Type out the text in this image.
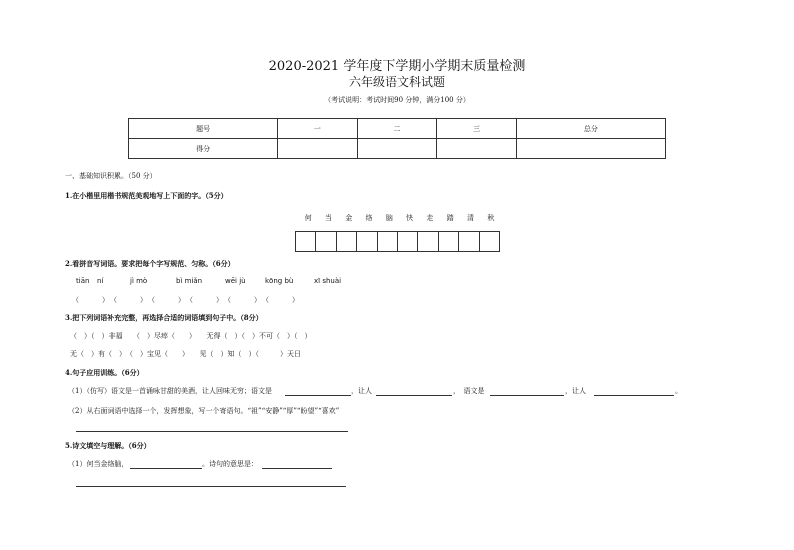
2020-2021 学年度下学期小学期末质量检测
六年级语文科试题
（考试说明：考试时间90 分钟，满分100 分）
题号	一	二	三	总分
得分				
一、基础知识积累。（50 分）
1.在小楷里用楷书规范美观地写上下面的字。（5分）
何 当 金 络 脑 快 走 踏 清 秋
2.看拼音写词语。要求把每个字写规范、匀称。（6分）
tiān ní	jì mò	bì miǎn	wēi jù	kōng bù	xī shuài
（　　　）　（　　　）　（　　　）　（　　　）　（　　　）　（　　　）
3.把下列词语补充完整，再选择合适的词语填到句子中。（8分）
（　）（　）非福　　（　）尽瘁（　　）　　无得（　）（　）不可（　）（　）
无（　）有（　）　（　）宝见（　　）　　见（　）知（　）（　　　）天日
4.句子应用训练。（6分）
（1）（仿写）语文是一首诵咏甘甜的美酒，让人回味无穷；语文是	，让人	，　语文是	，让人	。
（2）从右面词语中选择一个，发挥想象，写一个寄语句。“祖”“安静”“厚”“盼望”“喜欢”
5.诗文填空与理解。（6分）
（1）何当金络脑，	。诗句的意思是：
